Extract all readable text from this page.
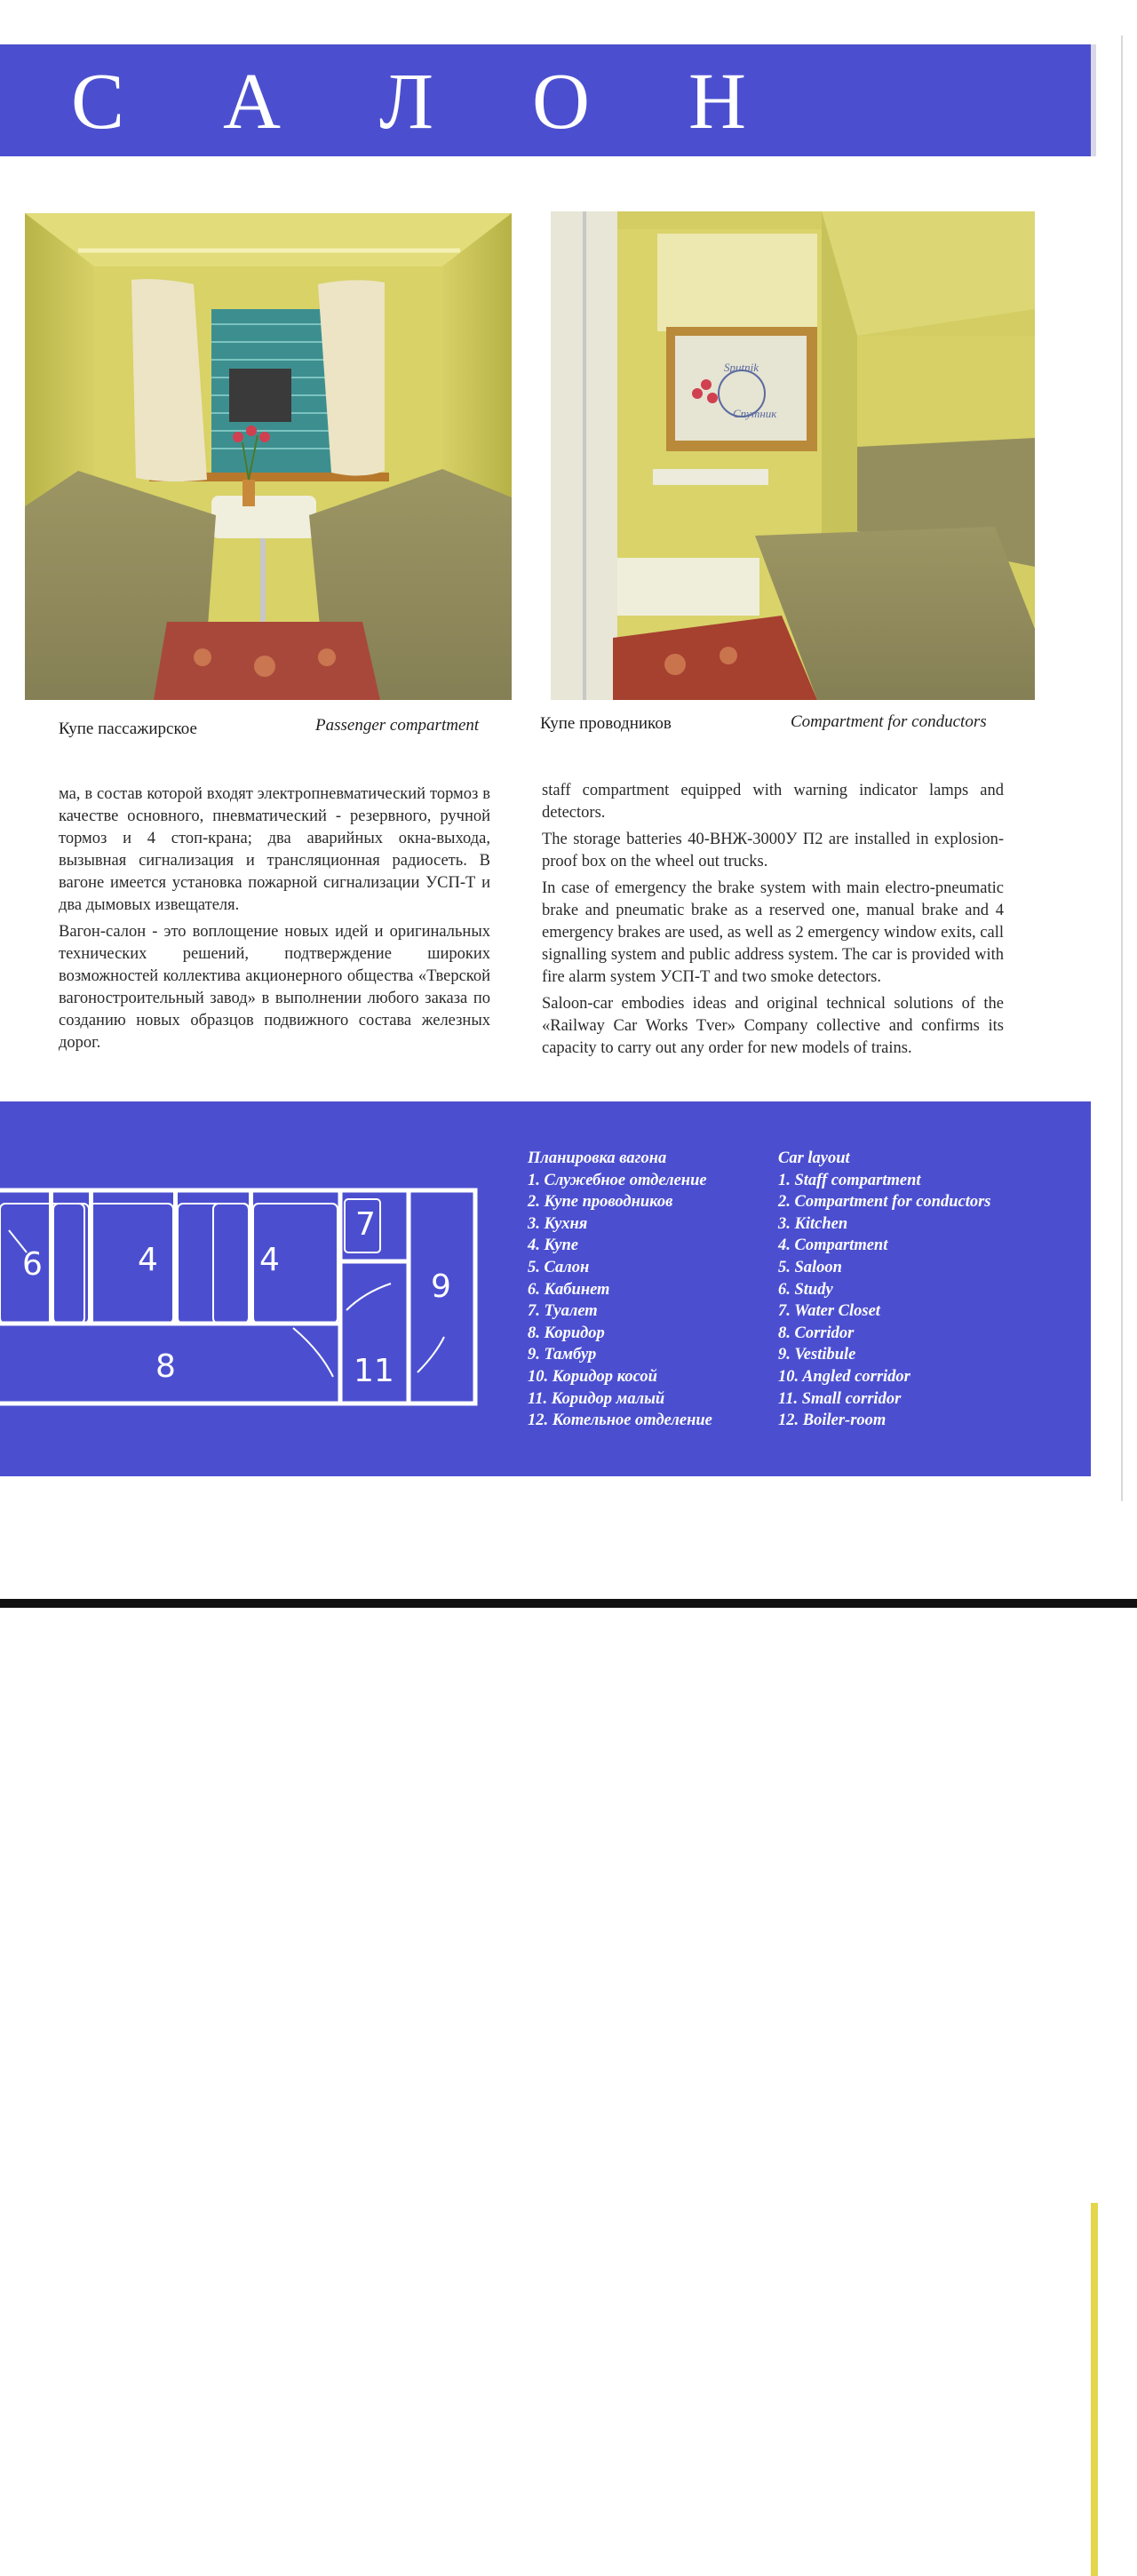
С А Л О Н
Sputnik
Спутник
Купе пассажирское	Passenger compartment	Купе проводников	Compartment for conductors

ма, в состав которой входят электропневматический тормоз в качестве основного, пневматический - резервного, ручной тормоз и 4 стоп-крана; два аварийных окна-выхода, вызывная сигнализация и трансляционная радиосеть. В вагоне имеется установка пожарной сигнализации УСП-Т и два дымовых извещателя.

Вагон-салон - это воплощение новых идей и оригинальных технических решений, подтверждение широких возможностей коллектива акционерного общества «Тверской вагоностроительный завод» в выполнении любого заказа по созданию новых образцов подвижного состава железных дорог.

staff compartment equipped with warning indicator lamps and detectors.

The storage batteries 40-ВНЖ-3000У П2 are installed in explosion-proof box on the wheel out trucks.

In case of emergency the brake system with main electro-pneumatic brake and pneumatic brake as a reserved one, manual brake and 4 emergency brakes are used, as well as 2 emergency window exits, call signalling system and public address system. The car is provided with fire alarm system УСП-Т and two smoke detectors.

Saloon-car embodies ideas and original technical solutions of the «Railway Car Works Tver» Company collective and confirms its capacity to carry out any order for new models of trains.

6	4	4
8
7
9
11
Планировка вагона
1. Служебное отделение
2. Купе проводников
3. Кухня
4. Купе
5. Салон
6. Кабинет
7. Туалет
8. Коридор
9. Тамбур
10. Коридор косой
11. Коридор малый
12. Котельное отделение
Car layout
1. Staff compartment
2. Compartment for conductors
3. Kitchen
4. Compartment
5. Saloon
6. Study
7. Water Closet
8. Corridor
9. Vestibule
10. Angled corridor
11. Small corridor
12. Boiler-room
